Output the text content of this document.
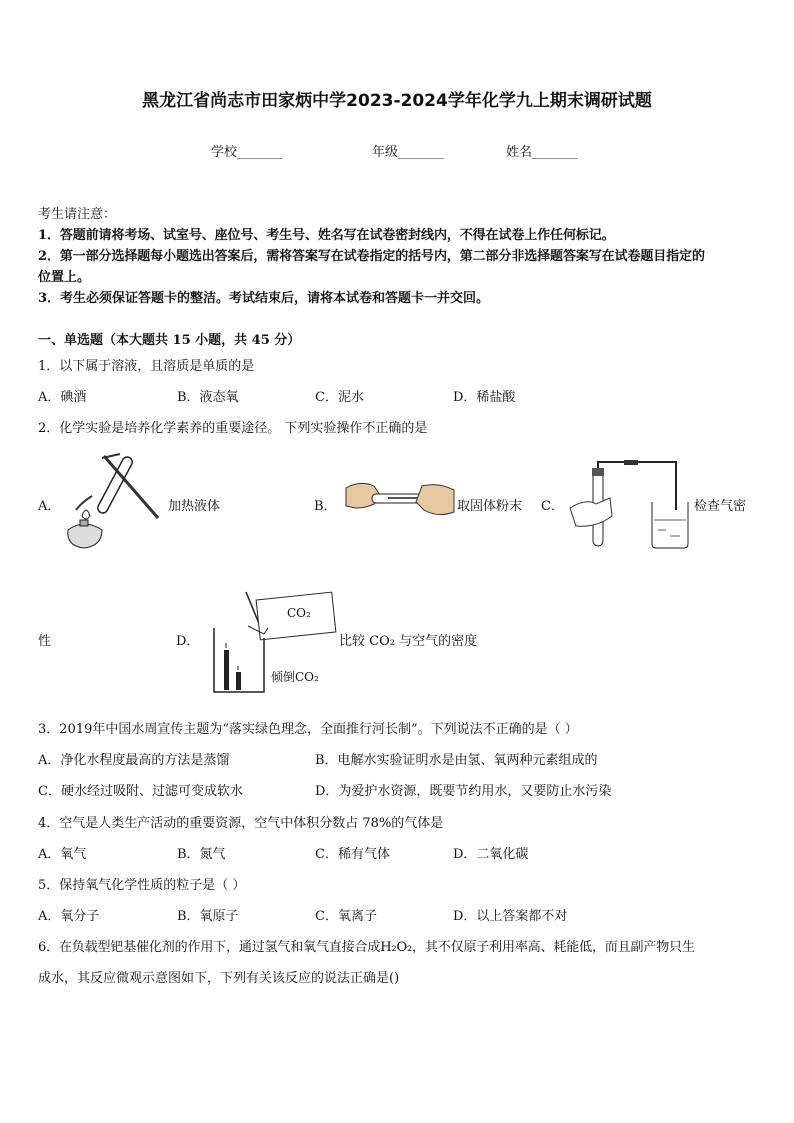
黑龙江省尚志市田家炳中学2023-2024学年化学九上期末调研试题
学校_______	年级_______	姓名_______
考生请注意：
1．答题前请将考场、试室号、座位号、考生号、姓名写在试卷密封线内，不得在试卷上作任何标记。
2．第一部分选择题每小题选出答案后，需将答案写在试卷指定的括号内，第二部分非选择题答案写在试卷题目指定的
位置上。
3．考生必须保证答题卡的整洁。考试结束后，请将本试卷和答题卡一并交回。
一、单选题（本大题共 15 小题，共 45 分）
1．以下属于溶液，且溶质是单质的是
A．碘酒	B．液态氧	C．泥水	D．稀盐酸
2．化学实验是培养化学素养的重要途径。 下列实验操作不正确的是
A．	加热液体	B．	取固体粉末 C．	检查气密
性	D．
CO₂
倾倒CO₂
比较 CO₂ 与空气的密度
3．2019年中国水周宣传主题为“落实绿色理念，全面推行河长制”。下列说法不正确的是（ ）
A．净化水程度最高的方法是蒸馏	B．电解水实验证明水是由氢、氧两种元素组成的
C．硬水经过吸附、过滤可变成软水	D．为爱护水资源，既要节约用水，又要防止水污染
4．空气是人类生产活动的重要资源，空气中体积分数占 78%的气体是
A．氧气	B．氮气	C．稀有气体	D．二氧化碳
5．保持氧气化学性质的粒子是（ ）
A．氧分子	B．氧原子	C．氧离子	D．以上答案都不对
6．在负载型钯基催化剂的作用下，通过氢气和氧气直接合成H₂O₂，其不仅原子利用率高、耗能低，而且副产物只生
成水，其反应微观示意图如下，下列有关该反应的说法正确是()
